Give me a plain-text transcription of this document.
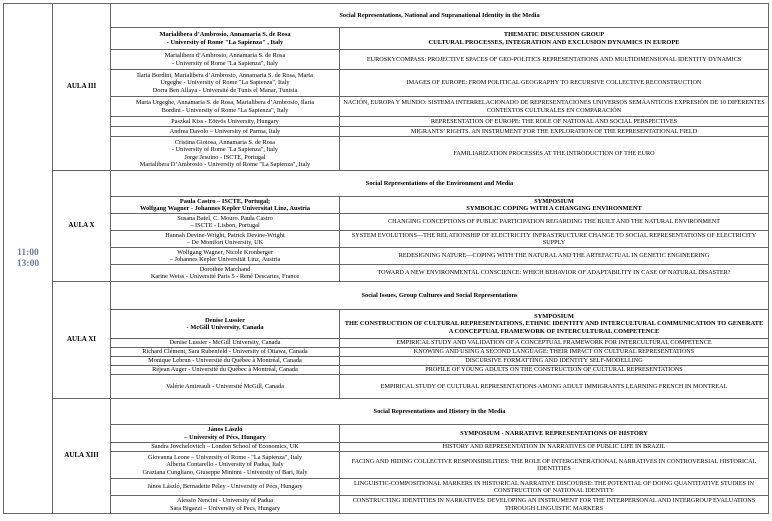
11:00
13:00	AULA III	Social Representations, National and Supranational Identity in the Media	

		Marialibera d’Ambrosio, Annamaria S. de Rosa
- University of Rome "La Sapienza" , Italy	THEMATIC DISCUSSION GROUP
CULTURAL PROCESSES, INTEGRATION AND EXCLUSION DYNAMICS IN EUROPE

		Marialibera d’Ambrosio, Annamaria S. de Rosa
- University of Rome "La Sapienza", Italy	EUROSKYCOMPASS: PROJECTIVE SPACES OF GEO-POLITICS REPRESENTATIONS AND MULTIDIMENSIONAL IDENTITY DYNAMICS

		Ilaria Bordini, Marialibera d’Ambrosio, Annamaria S. de Rosa, Marta
Urgeghe - University of Rome "La Sapienza", Italy
Dorra Ben Allaya - Université de Tunis el Manar, Tunisia	IMAGES OF EUROPE: FROM POLITICAL GEOGRAPHY TO RECURSIVE COLLECTIVE RECONSTRUCTION

		Marta Urgeghe, Annamaria S. de Rosa, Marialibera d’Ambrosio, Ilaria
Bordini - University of Rome "La Sapienza", Italy	NACIÓN, EUROPA Y MUNDO: SISTEMA INTERRELACIONADO DE REPRESENTACIONES UNIVERSOS SEMÁANTICOS EXPRESIÓN DE 10 DIFERENTES CONTEXTOS CULTURALES EN COMPARACIÓN
		Paszkal Kiss - Eötvös University, Hungary	REPRESENTATION OF EUROPE: THE ROLE OF NATIONAL AND SOCIAL PERSPECTIVES
		Andrea Davolo – University of Parma, Italy	MIGRANTS’ RIGHTS. AN INSTRUMENT FOR THE EXPLORATION OF THE REPRESENTATIONAL FIELD

		Cristina Gioiosa, Annamaria S. de Rosa
- University of Rome "La Sapienza", Italy
Jorge Jesuino - ISCTE, Portugal
Marialibera D’Ambrosio - University of Rome "La Sapienza", Italy	FAMILIARIZATION PROCESSES AT THE INTRODUCTION OF THE EURO
	AULA X	Social Representations of the Environment and Media	

		Paula Castro – ISCTE, Portugal;
Wolfgang Wagner - Johannes Kepler Universitat Linz, Austria	SYMPOSIUM
SYMBOLIC COPING WITH A CHANGING ENVIRONMENT

		Susana Batel, C. Mouro. Paula Castro
– ISCTE - Lisbon, Portugal	CHANGING CONCEPTIONS OF PUBLIC PARTICIPATION REGARDING THE BUILT AND THE NATURAL ENVIRONMENT

		Hannah Devine-Wright, Patrick Devine-Wright
– De Montfort University, UK	SYSTEM EVOLUTIONS—THE RELATIONSHIP OF ELECTRICITY INFRASTRUCTURE CHANGE TO SOCIAL REPRESENTATIONS OF ELECTRICITY SUPPLY

		Wolfgang Wagner, Nicole Kronberger
– Johannes Kepler Universität Linz, Austria	REDESIGNING NATURE—COPING WITH THE NATURAL AND THE ARTEFACTUAL IN GENETIC ENGINEERING

		Dorothee Marchand
Karine Weiss - Université Paris 5 - René Descartes, France	TOWARD A NEW ENVIRONMENTAL CONSCIENCE: WHICH BEHAVIOR OF ADAPTABILITY IN CASE OF NATURAL DISASTER?
	AULA XI	Social Issues, Group Cultures and Social Representations	

		Denise Lussier
- McGill University, Canada	SYMPOSIUM
THE CONSTRUCTION OF CULTURAL REPRESENTATIONS, ETHNIC IDENTITY AND INTERCULTURAL COMMUNICATION TO GENERATE A CONCEPTUAL FRAMEWORK OF INTERCULTURAL COMPETENCE

		Denise Lussier - McGill University, Canada	EMPIRICAL STUDY AND VALIDATION OF A CONCEPTUAL FRAMEWORK FOR INTERCULTURAL COMPETENCE
		Richard Clément, Sara Rubenfeld - University of Ottawa, Canada	KNOWING AND USING A SECOND LANGUAGE: THEIR IMPACT ON CULTURAL REPRESENTATIONS
		Monique Lebrun - Université du Québec à Montréal, Canada	DISCURSIVE FORMATTING AND IDENTITY SELF-MODELLING
		Réjean Auger - Université du Québec à Montréal, Canada	PROFILE OF YOUNG ADULTS ON THE CONSTRUCTION OF CULTURAL REPRESENTATIONS
		Valérie Amireault - Université McGill, Canada	EMPIRICAL STUDY OF CULTURAL REPRESENTATIONS AMONG ADULT IMMIGRANTS LEARNING FRENCH IN MONTREAL
	AULA XIII	Social Representations and History in the Media	

		János László
– University of Pécs, Hungary	SYMPOSIUM - NARRATIVE REPRESENTATIONS OF HISTORY
		Sandra Jovchelovitch – London School of Economics, UK	HISTORY AND REPRESENTATION IN NARRATIVES OF PUBLIC LIFE IN BRAZIL

		Giovanna Leone – University of Rome - "La Sapienza", Italy
Alberta Contarello - University of Padua, Italy
Graziana Cungliano, Giuseppe Mininni - University of Bari, Italy	FACING AND HIDING COLLECTIVE RESPONSIBILITIES: THE ROLE OF INTERGENERATIONAL NARRATIVES IN CONTROVERSIAL HISTORICAL IDENTITIES
		János László, Bernadette Péley - University of Pécs, Hungary	LINGUISTIC-COMPOSITIONAL MARKERS IN HISTORICAL NARRATIVE DISCOURSE: THE POTENTIAL OF DOING QUANTITATIVE STUDIES IN CONSTRUCTION OF NATIONAL IDENTITY

		Alessio Nencini - University of Padua
Sara Bigazzi – University of Pecs, Hungary	CONSTRUCTING IDENTITIES IN NARRATIVES: DEVELOPING AN INSTRUMENT FOR THE INTERPERSONAL AND INTERGROUP EVALUATIONS THROUGH LINGUISTIC MARKERS
